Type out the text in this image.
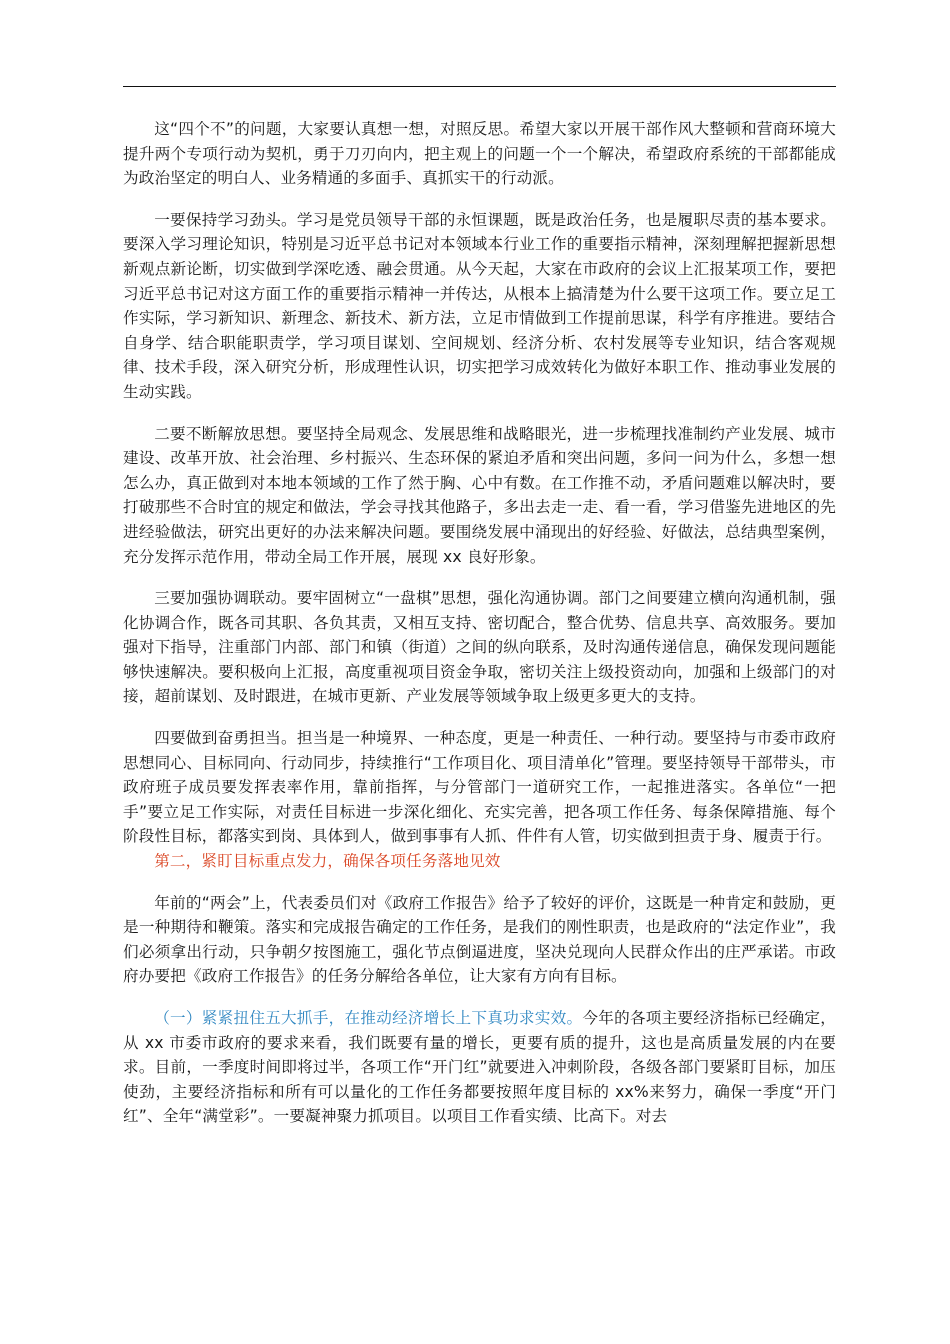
这“四个不”的问题，大家要认真想一想，对照反思。希望大家以开展干部作风大整顿和营商环境大提升两个专项行动为契机，勇于刀刃向内，把主观上的问题一个一个解决，希望政府系统的干部都能成为政治坚定的明白人、业务精通的多面手、真抓实干的行动派。

一要保持学习劲头。学习是党员领导干部的永恒课题，既是政治任务，也是履职尽责的基本要求。要深入学习理论知识，特别是习近平总书记对本领域本行业工作的重要指示精神，深刻理解把握新思想新观点新论断，切实做到学深吃透、融会贯通。从今天起，大家在市政府的会议上汇报某项工作，要把习近平总书记对这方面工作的重要指示精神一并传达，从根本上搞清楚为什么要干这项工作。要立足工作实际，学习新知识、新理念、新技术、新方法，立足市情做到工作提前思谋，科学有序推进。要结合自身学、结合职能职责学，学习项目谋划、空间规划、经济分析、农村发展等专业知识，结合客观规律、技术手段，深入研究分析，形成理性认识，切实把学习成效转化为做好本职工作、推动事业发展的生动实践。

二要不断解放思想。要坚持全局观念、发展思维和战略眼光，进一步梳理找准制约产业发展、城市建设、改革开放、社会治理、乡村振兴、生态环保的紧迫矛盾和突出问题，多问一问为什么，多想一想怎么办，真正做到对本地本领域的工作了然于胸、心中有数。在工作推不动，矛盾问题难以解决时，要打破那些不合时宜的规定和做法，学会寻找其他路子，多出去走一走、看一看，学习借鉴先进地区的先进经验做法，研究出更好的办法来解决问题。要围绕发展中涌现出的好经验、好做法，总结典型案例，充分发挥示范作用，带动全局工作开展，展现 xx 良好形象。

三要加强协调联动。要牢固树立“一盘棋”思想，强化沟通协调。部门之间要建立横向沟通机制，强化协调合作，既各司其职、各负其责，又相互支持、密切配合，整合优势、信息共享、高效服务。要加强对下指导，注重部门内部、部门和镇（街道）之间的纵向联系，及时沟通传递信息，确保发现问题能够快速解决。要积极向上汇报，高度重视项目资金争取，密切关注上级投资动向，加强和上级部门的对接，超前谋划、及时跟进，在城市更新、产业发展等领域争取上级更多更大的支持。

四要做到奋勇担当。担当是一种境界、一种态度，更是一种责任、一种行动。要坚持与市委市政府思想同心、目标同向、行动同步，持续推行“工作项目化、项目清单化”管理。要坚持领导干部带头，市政府班子成员要发挥表率作用，靠前指挥，与分管部门一道研究工作，一起推进落实。各单位“一把手”要立足工作实际，对责任目标进一步深化细化、充实完善，把各项工作任务、每条保障措施、每个阶段性目标，都落实到岗、具体到人，做到事事有人抓、件件有人管，切实做到担责于身、履责于行。

第二，紧盯目标重点发力，确保各项任务落地见效

年前的“两会”上，代表委员们对《政府工作报告》给予了较好的评价，这既是一种肯定和鼓励，更是一种期待和鞭策。落实和完成报告确定的工作任务，是我们的刚性职责，也是政府的“法定作业”，我们必须拿出行动，只争朝夕按图施工，强化节点倒逼进度，坚决兑现向人民群众作出的庄严承诺。市政府办要把《政府工作报告》的任务分解给各单位，让大家有方向有目标。

（一）紧紧扭住五大抓手，在推动经济增长上下真功求实效。今年的各项主要经济指标已经确定，从 xx 市委市政府的要求来看，我们既要有量的增长，更要有质的提升，这也是高质量发展的内在要求。目前，一季度时间即将过半，各项工作“开门红”就要进入冲刺阶段，各级各部门要紧盯目标，加压使劲，主要经济指标和所有可以量化的工作任务都要按照年度目标的 xx%来努力，确保一季度“开门红”、全年“满堂彩”。一要凝神聚力抓项目。以项目工作看实绩、比高下。对去
